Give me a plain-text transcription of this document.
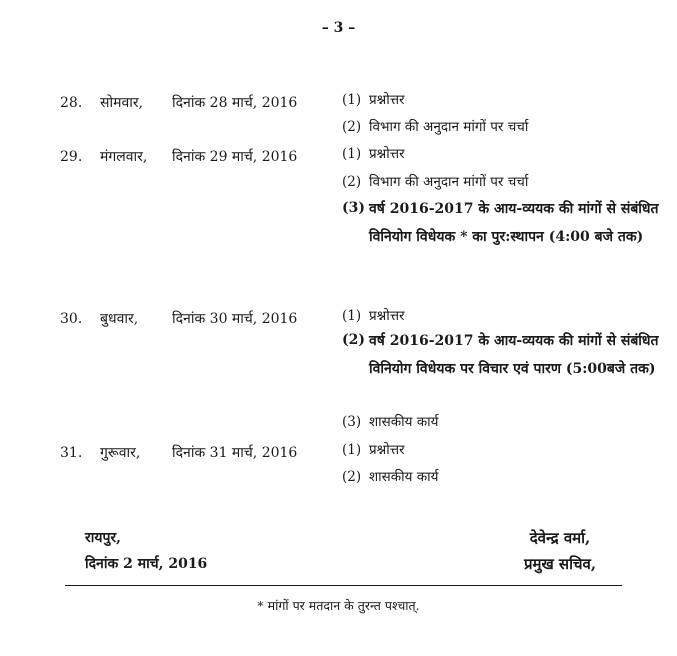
– 3 –
28. सोमवार, दिनांक 28 मार्च, 2016	(1) प्रश्नोत्तर
(2) विभाग की अनुदान मांगों पर चर्चा
29. मंगलवार, दिनांक 29 मार्च, 2016	(1) प्रश्नोत्तर
(2) विभाग की अनुदान मांगों पर चर्चा
(3) वर्ष 2016-2017 के आय-व्ययक की मांगों से संबंधित विनियोग विधेयक * का पुर:स्थापन (4:00 बजे तक)
30. बुधवार, दिनांक 30 मार्च, 2016	(1) प्रश्नोत्तर
(2) वर्ष 2016-2017 के आय-व्ययक की मांगों से संबंधित विनियोग विधेयक पर विचार एवं पारण (5:00बजे तक)
(3) शासकीय कार्य
31. गुरूवार, दिनांक 31 मार्च, 2016	(1) प्रश्नोत्तर
(2) शासकीय कार्य
रायपुर,
दिनांक 2 मार्च, 2016
देवेन्द्र वर्मा,
प्रमुख सचिव,
* मांगों पर मतदान के तुरन्त पश्चात्.
